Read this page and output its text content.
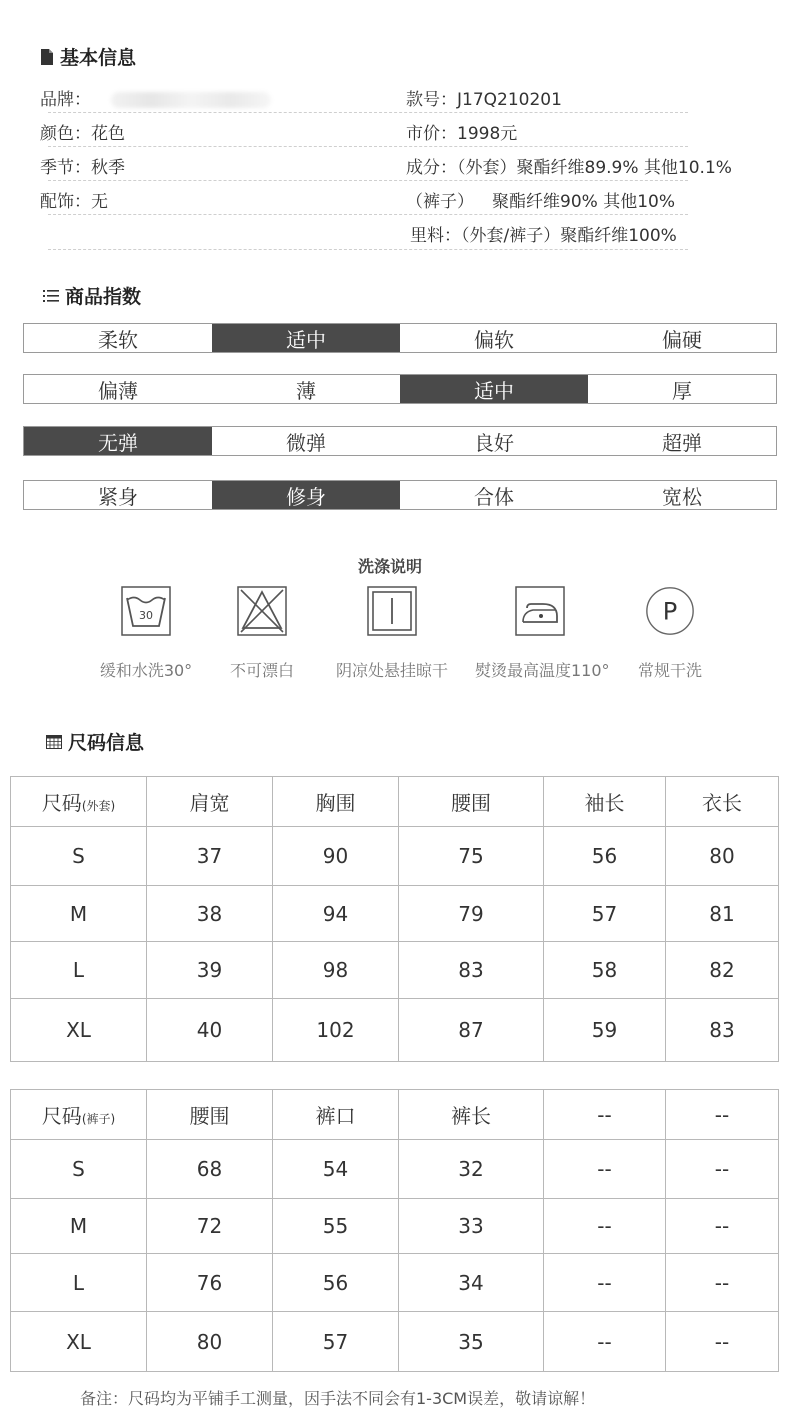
基本信息
品牌：
颜色：花色
季节：秋季
配饰：无
款号：J17Q210201
市价：1998元
成分：（外套）聚酯纤维89.9% 其他10.1%
（裤子） 聚酯纤维90% 其他10%
里料：（外套/裤子）聚酯纤维100%
商品指数
柔软	适中	偏软	偏硬
偏薄	薄	适中	厚
无弹	微弹	良好	超弹
紧身	修身	合体	宽松
洗涤说明
30
缓和水洗30°	不可漂白	阴凉处悬挂晾干	熨烫最高温度110°
P
常规干洗
尺码信息
尺码(外套)	肩宽	胸围	腰围	袖长	衣长
S	37	90	75	56	80
M	38	94	79	57	81
L	39	98	83	58	82
XL	40	102	87	59	83
尺码(裤子)	腰围	裤口	裤长	--	--
S	68	54	32	--	--
M	72	55	33	--	--
L	76	56	34	--	--
XL	80	57	35	--	--
备注：尺码均为平铺手工测量，因手法不同会有1-3CM误差，敬请谅解！
